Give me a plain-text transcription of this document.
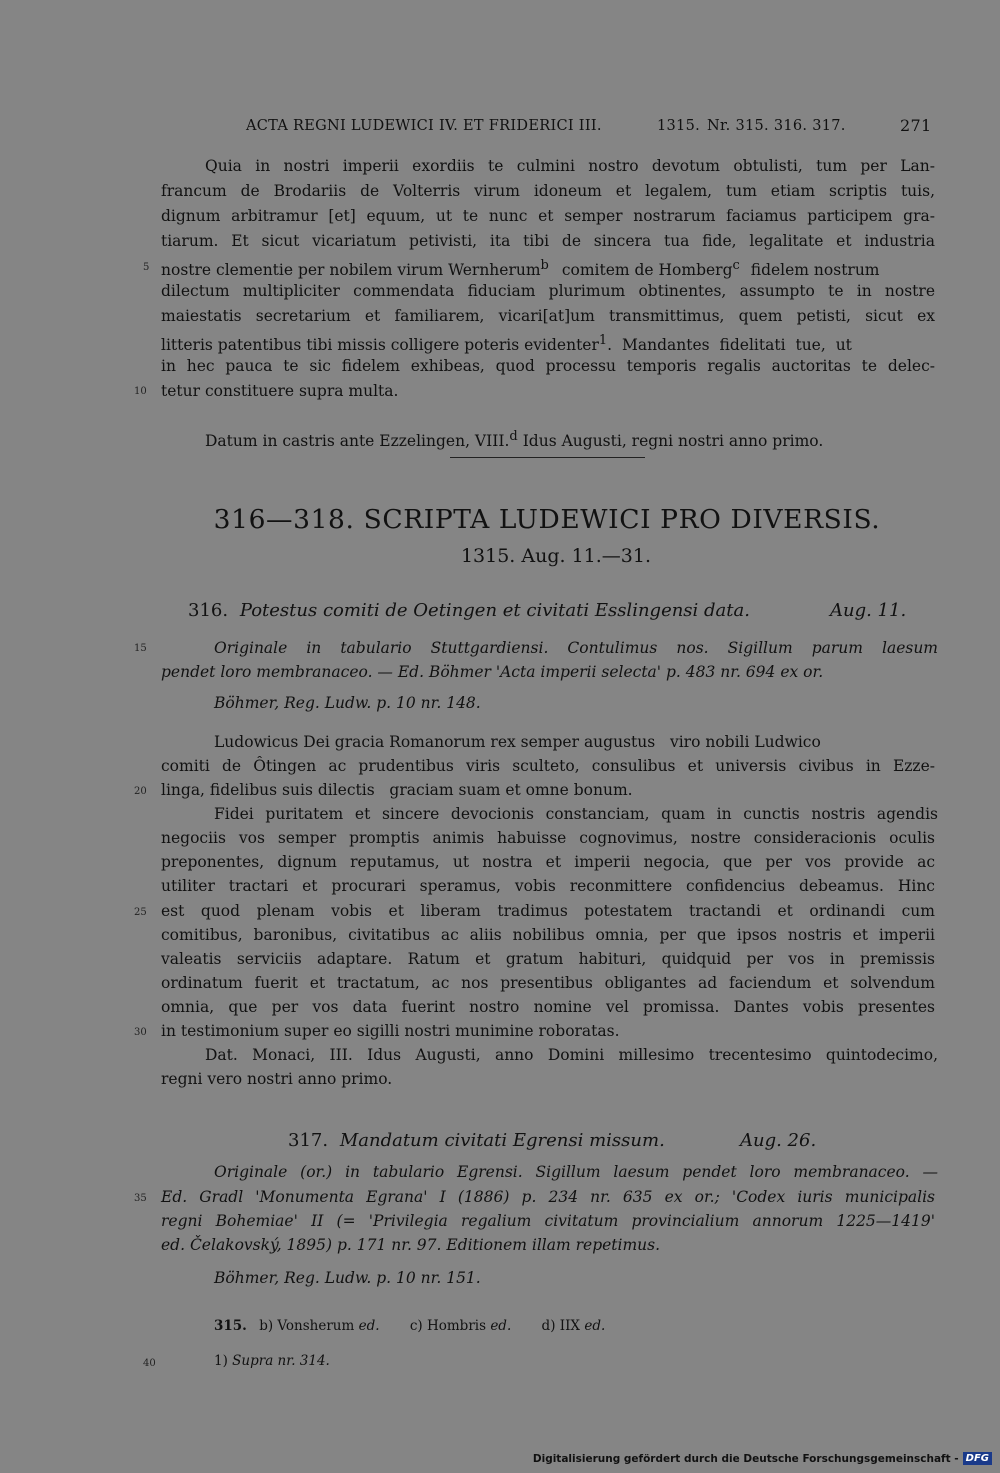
ACTA REGNI LUDEWICI IV. ET FRIDERICI III.	1315. Nr. 315. 316. 317.	271
Quia in nostri imperii exordiis te culmini nostro devotum obtulisti, tum per Lan-
francum de Brodariis de Volterris virum idoneum et legalem, tum etiam scriptis tuis,
dignum arbitramur [et] equum, ut te nunc et semper nostrarum faciamus participem gra-
tiarum. Et sicut vicariatum petivisti, ita tibi de sincera tua fide, legalitate et industria
nostre clementie per nobilem virum Wernherum$^b$ comitem de Homberg$^c$ fidelem nostrum
dilectum multipliciter commendata fiduciam plurimum obtinentes, assumpto te in nostre
maiestatis secretarium et familiarem, vicari[at]um transmittimus, quem petisti, sicut ex
litteris patentibus tibi missis colligere poteris evidenter$^1$. Mandantes fidelitati tue, ut
in hec pauca te sic fidelem exhibeas, quod processu temporis regalis auctoritas te delec-
tetur constituere supra multa.
Datum in castris ante Ezzelingen, VIII.$^d$ Idus Augusti, regni nostri anno primo.
316—318. SCRIPTA LUDEWICI PRO DIVERSIS.
1315. Aug. 11.—31.
316. Potestus comiti de Oetingen et civitati Esslingensi data.	Aug. 11.
Originale in tabulario Stuttgardiensi. Contulimus nos. Sigillum parum laesum
pendet loro membranaceo. — Ed. Böhmer 'Acta imperii selecta' p. 483 nr. 694 ex or.
Böhmer, Reg. Ludw. p. 10 nr. 148.
Ludowicus Dei gracia Romanorum rex semper augustus   viro nobili Ludwico
comiti de Ôtingen ac prudentibus viris sculteto, consulibus et universis civibus in Ezze-
linga, fidelibus suis dilectis   graciam suam et omne bonum.
Fidei puritatem et sincere devocionis constanciam, quam in cunctis nostris agendis
negociis vos semper promptis animis habuisse cognovimus, nostre consideracionis oculis
preponentes, dignum reputamus, ut nostra et imperii negocia, que per vos provide ac
utiliter tractari et procurari speramus, vobis reconmittere confidencius debeamus. Hinc
est quod plenam vobis et liberam tradimus potestatem tractandi et ordinandi cum
comitibus, baronibus, civitatibus ac aliis nobilibus omnia, per que ipsos nostris et imperii
valeatis serviciis adaptare. Ratum et gratum habituri, quidquid per vos in premissis
ordinatum fuerit et tractatum, ac nos presentibus obligantes ad faciendum et solvendum
omnia, que per vos data fuerint nostro nomine vel promissa. Dantes vobis presentes
in testimonium super eo sigilli nostri munimine roboratas.
Dat. Monaci, III. Idus Augusti, anno Domini millesimo trecentesimo quintodecimo,
regni vero nostri anno primo.
317. Mandatum civitati Egrensi missum.	Aug. 26.
Originale (or.) in tabulario Egrensi. Sigillum laesum pendet loro membranaceo. —
Ed. Gradl 'Monumenta Egrana' I (1886) p. 234 nr. 635 ex or.; 'Codex iuris municipalis
regni Bohemiae' II (= 'Privilegia regalium civitatum provincialium annorum 1225—1419'
ed. Čelakovský, 1895) p. 171 nr. 97. Editionem illam repetimus.
Böhmer, Reg. Ludw. p. 10 nr. 151.
315. b) Vonsherum ed. c) Hombris ed. d) IIX ed.
1) Supra nr. 314.
5
10
15
20
25
30
35
40
Digitalisierung gefördert durch die Deutsche Forschungsgemeinschaft - DFG
